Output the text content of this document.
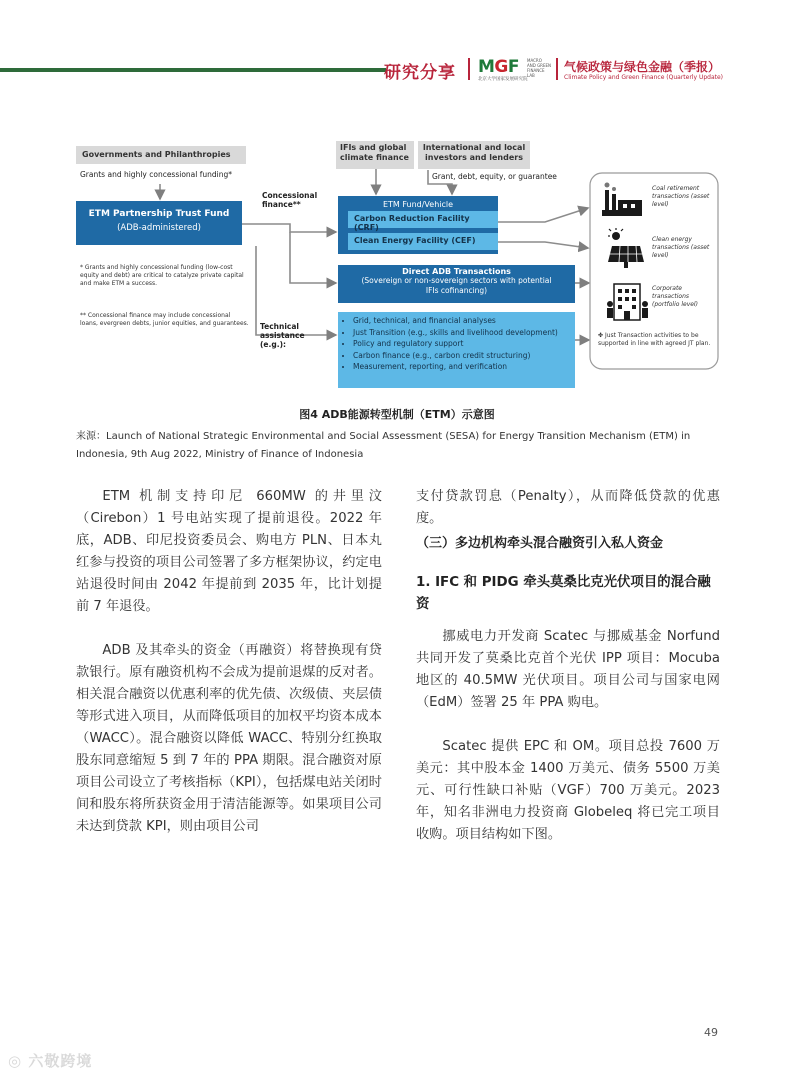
研究分享 MGF MACRO AND GREEN FINANCE LAB
北京大学国家发展研究院
气候政策与绿色金融（季报）
Climate Policy and Green Finance (Quarterly Update)
Governments and Philanthropies
Grants and highly concessional funding*
IFIs and global climate finance
International and local investors and lenders
Grant, debt, equity, or guarantee
Concessional finance**
ETM Partnership Trust Fund
(ADB-administered)
* Grants and highly concessional funding (low-cost equity and debt) are critical to catalyze private capital and make ETM a success.
** Concessional finance may include concessional loans, evergreen debts, junior equities, and guarantees.
ETM Fund/Vehicle
Carbon Reduction Facility (CRF)
Clean Energy Facility (CEF)
Direct ADB Transactions
(Sovereign or non-sovereign sectors with potential IFIs cofinancing)
Technical assistance (e.g.):
• Grid, technical, and financial analyses
• Just Transition (e.g., skills and livelihood development)
• Policy and regulatory support
• Carbon finance (e.g., carbon credit structuring)
• Measurement, reporting, and verification
Coal retirement transactions (asset level)
Clean energy transactions (asset level)
Corporate transactions (portfolio level)
✤ Just Transaction activities to be supported in line with agreed JT plan.
图4 ADB能源转型机制（ETM）示意图
来源：Launch of National Strategic Environmental and Social Assessment (SESA) for Energy Transition Mechanism (ETM) in Indonesia, 9th Aug 2022, Ministry of Finance of Indonesia

ETM 机制支持印尼 660MW 的井里汶（Cirebon）1 号电站实现了提前退役。2022 年底，ADB、印尼投资委员会、购电方 PLN、日本丸红参与投资的项目公司签署了多方框架协议，约定电站退役时间由 2042 年提前到 2035 年，比计划提前 7 年退役。

ADB 及其牵头的资金（再融资）将替换现有贷款银行。原有融资机构不会成为提前退煤的反对者。相关混合融资以优惠利率的优先债、次级债、夹层债等形式进入项目，从而降低项目的加权平均资本成本（WACC）。混合融资以降低 WACC、特别分红换取股东同意缩短 5 到 7 年的 PPA 期限。混合融资对原项目公司设立了考核指标（KPI），包括煤电站关闭时间和股东将所获资金用于清洁能源等。如果项目公司未达到贷款 KPI，则由项目公司

支付贷款罚息（Penalty），从而降低贷款的优惠度。
（三）多边机构牵头混合融资引入私人资金
1. IFC 和 PIDG 牵头莫桑比克光伏项目的混合融资

挪威电力开发商 Scatec 与挪威基金 Norfund 共同开发了莫桑比克首个光伏 IPP 项目：Mocuba 地区的 40.5MW 光伏项目。项目公司与国家电网（EdM）签署 25 年 PPA 购电。

Scatec 提供 EPC 和 OM。项目总投 7600 万美元：其中股本金 1400 万美元、债务 5500 万美元、可行性缺口补贴（VGF）700 万美元。2023 年，知名非洲电力投资商 Globeleq 将已完工项目收购。项目结构如下图。

49
◎ 六敬跨境
